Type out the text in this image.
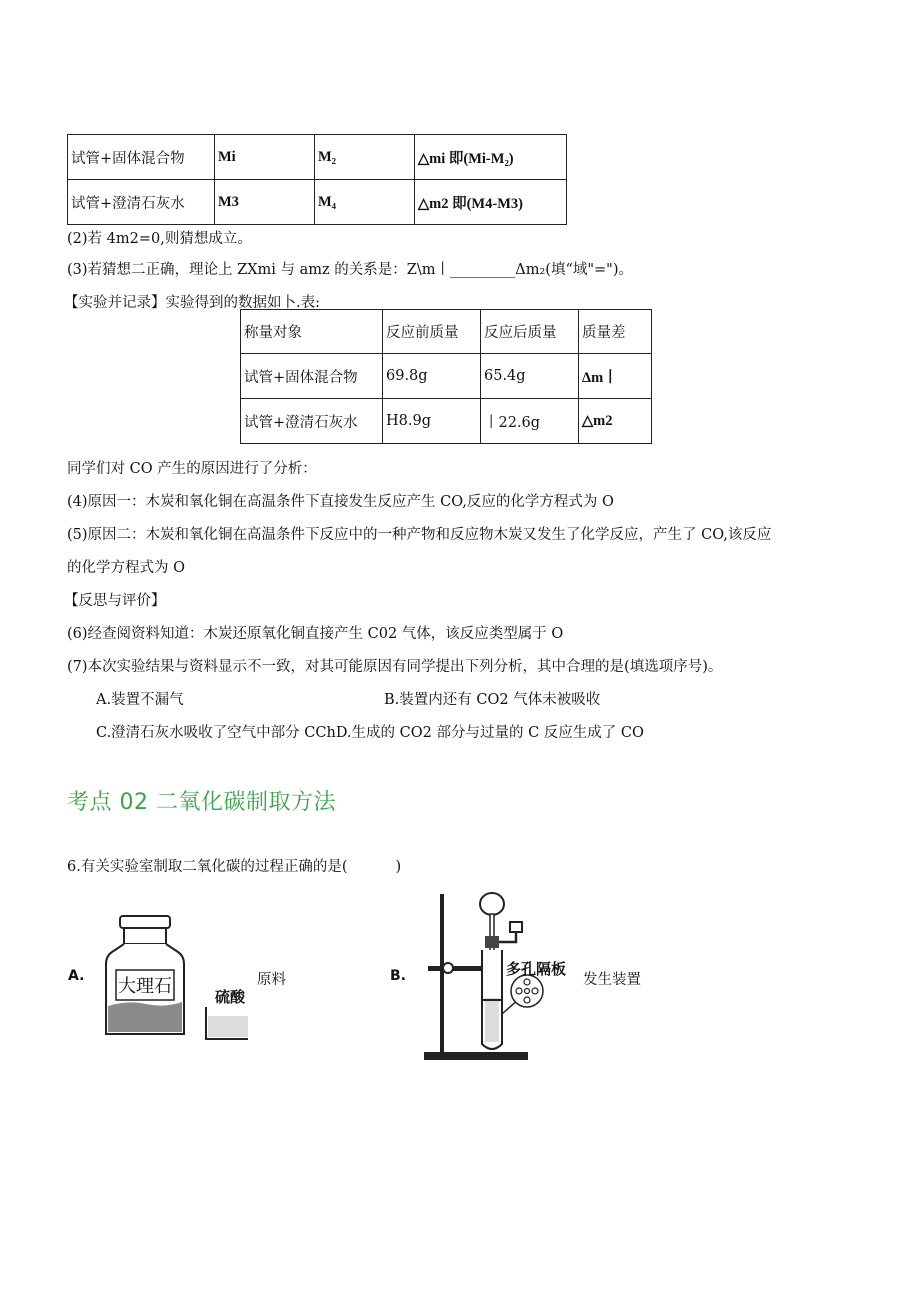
试管+固体混合物	Mi	M₂	△mi 即(Mi-M₂)
试管+澄清石灰水	M3	M₄	△m2 即(M4-M3)
(2)若 4m2=0,则猜想成立。
(3)若猜想二正确，理论上 ZXmi 与 amz 的关系是：Z\m丨_________Δm₂(填“域"=")。
【实验并记录】实验得到的数据如卜.表:
称量对象	反应前质量	反应后质量	质量差
试管+固体混合物	69.8g	65.4g	Δm丨
试管+澄清石灰水	H8.9g	丨22.6g	△m2
同学们对 CO 产生的原因进行了分析：
(4)原因一：木炭和氧化铜在高温条件下直接发生反应产生 CO,反应的化学方程式为 O
(5)原因二：木炭和氧化铜在高温条件下反应中的一种产物和反应物木炭又发生了化学反应，产生了 CO,该反应
的化学方程式为 O
【反思与评价】
(6)经查阅资料知道：木炭还原氧化铜直接产生 C02 气体，该反应类型属于 O
(7)本次实验结果与资料显示不一致，对其可能原因有同学提出下列分析，其中合理的是(填选项序号)。
A.装置不漏气	B.装置内还有 CO2 气体未被吸收
C.澄清石灰水吸收了空气中部分 CChD.生成的 CO2 部分与过量的 C 反应生成了 CO
考点 02 二氧化碳制取方法
6.有关实验室制取二氧化碳的过程正确的是(	)
A. 大理石	硫酸
原料	B.	多孔隔板
发生装置
